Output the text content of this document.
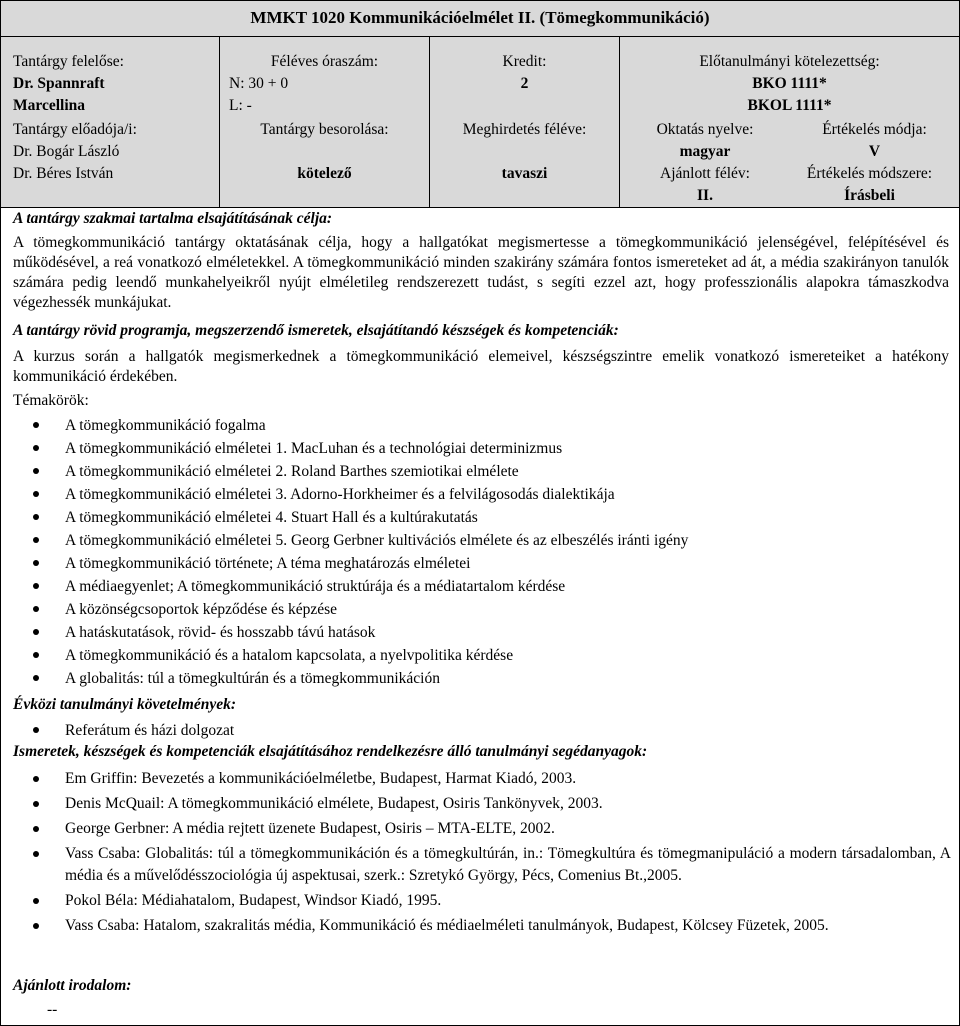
MMKT 1020 Kommunikációelmélet II. (Tömegkommunikáció)
Tantárgy felelőse:
Dr. Spannraft
Marcellina
Tantárgy előadója/i:
Dr. Bogár László
Dr. Béres István
Féléves óraszám:
N: 30 + 0
L: -
Tantárgy besorolása:
kötelező
Kredit:
2
Meghirdetés féléve:
tavaszi
Előtanulmányi kötelezettség:
BKO 1111*
BKOL 1111*
Oktatás nyelve:
magyar
Értékelés módja:
V
Ajánlott félév:
II.
Értékelés módszere:
Írásbeli
A tantárgy szakmai tartalma elsajátításának célja:
A tömegkommunikáció tantárgy oktatásának célja, hogy a hallgatókat megismertesse a tömegkommunikáció jelenségével, felépítésével és működésével, a reá vonatkozó elméletekkel. A tömegkommunikáció minden szakirány számára fontos ismereteket ad át, a média szakirányon tanulók számára pedig leendő munkahelyeikről nyújt elméletileg rendszerezett tudást, s segíti ezzel azt, hogy professzionális alapokra támaszkodva végezhessék munkájukat.
A tantárgy rövid programja, megszerzendő ismeretek, elsajátítandó készségek és kompetenciák:
A kurzus során a hallgatók megismerkednek a tömegkommunikáció elemeivel, készségszintre emelik vonatkozó ismereteiket a hatékony kommunikáció érdekében.
Témakörök:
A tömegkommunikáció fogalma
A tömegkommunikáció elméletei 1. MacLuhan és a technológiai determinizmus
A tömegkommunikáció elméletei 2. Roland Barthes szemiotikai elmélete
A tömegkommunikáció elméletei 3. Adorno-Horkheimer és a felvilágosodás dialektikája
A tömegkommunikáció elméletei 4. Stuart Hall és a kultúrakutatás
A tömegkommunikáció elméletei 5. Georg Gerbner kultivációs elmélete és az elbeszélés iránti igény
A tömegkommunikáció története; A téma meghatározás elméletei
A médiaegyenlet; A tömegkommunikáció struktúrája és a médiatartalom kérdése
A közönségcsoportok képződése és képzése
A hatáskutatások, rövid- és hosszabb távú hatások
A tömegkommunikáció és a hatalom kapcsolata, a nyelvpolitika kérdése
A globalitás: túl a tömegkultúrán és a tömegkommunikáción
Évközi tanulmányi követelmények:
Referátum és házi dolgozat
Ismeretek, készségek és kompetenciák elsajátításához rendelkezésre álló tanulmányi segédanyagok:
Em Griffin: Bevezetés a kommunikációelméletbe, Budapest, Harmat Kiadó, 2003.
Denis McQuail: A tömegkommunikáció elmélete, Budapest, Osiris Tankönyvek, 2003.
George Gerbner: A média rejtett üzenete Budapest, Osiris – MTA-ELTE, 2002.
Vass Csaba: Globalitás: túl a tömegkommunikáción és a tömegkultúrán, in.: Tömegkultúra és tömegmanipuláció a modern társadalomban, A média és a művelődésszociológia új aspektusai, szerk.: Szretykó György, Pécs, Comenius Bt.,2005.
Pokol Béla: Médiahatalom, Budapest, Windsor Kiadó, 1995.
Vass Csaba: Hatalom, szakralitás média, Kommunikáció és médiaelméleti tanulmányok, Budapest, Kölcsey Füzetek, 2005.
Ajánlott irodalom:
--
